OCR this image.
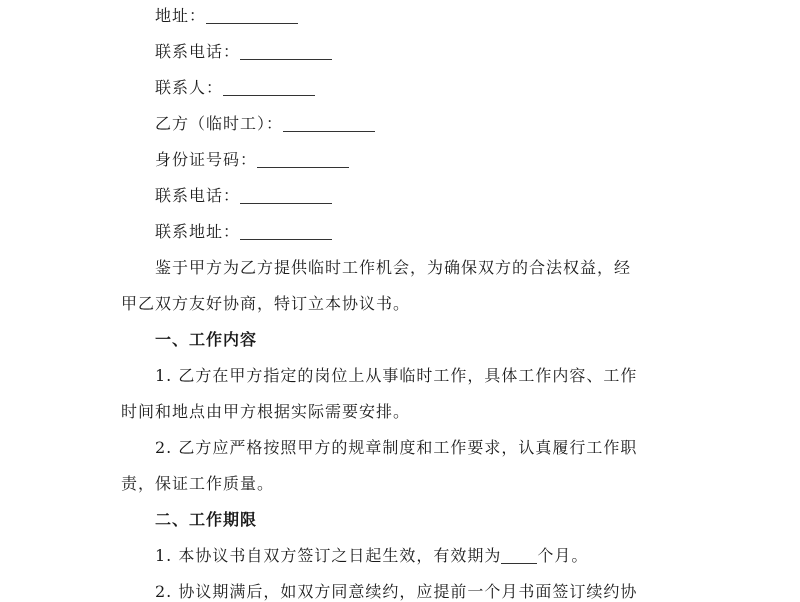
地址：
联系电话：
联系人：
乙方（临时工）：
身份证号码：
联系电话：
联系地址：
鉴于甲方为乙方提供临时工作机会，为确保双方的合法权益，经
甲乙双方友好协商，特订立本协议书。
一、工作内容
1. 乙方在甲方指定的岗位上从事临时工作，具体工作内容、工作
时间和地点由甲方根据实际需要安排。
2. 乙方应严格按照甲方的规章制度和工作要求，认真履行工作职
责，保证工作质量。
二、工作期限
1. 本协议书自双方签订之日起生效，有效期为 个月。
2. 协议期满后，如双方同意续约，应提前一个月书面签订续约协
